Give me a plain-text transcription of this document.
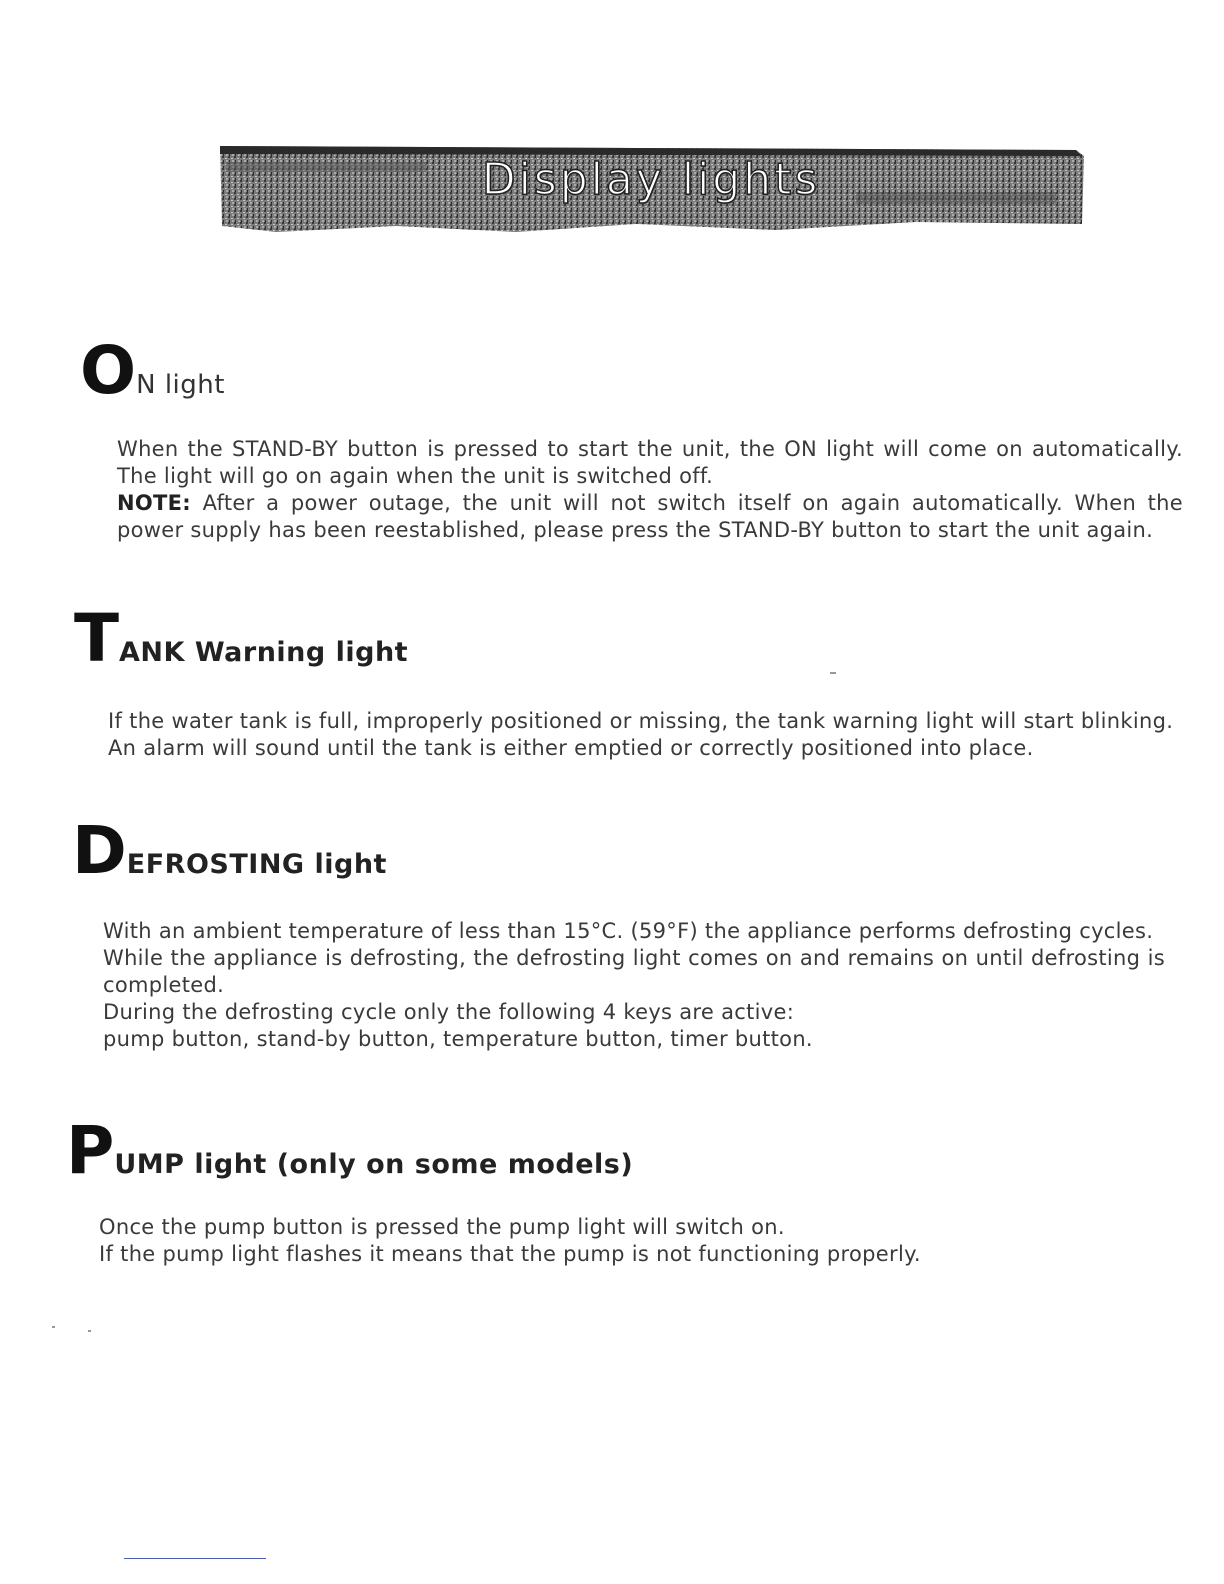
Display lights
ON light
When the STAND-BY button is pressed to start the unit, the ON light will come on automatically. The light will go on again when the unit is switched off.
NOTE: After a power outage, the unit will not switch itself on again automatically. When the power supply has been reestablished, please press the STAND-BY button to start the unit again.
TANK Warning light
If the water tank is full, improperly positioned or missing, the tank warning light will start blinking.
An alarm will sound until the tank is either emptied or correctly positioned into place.
DEFROSTING light
With an ambient temperature of less than 15°C. (59°F) the appliance performs defrosting cycles.
While the appliance is defrosting, the defrosting light comes on and remains on until defrosting is completed.
During the defrosting cycle only the following 4 keys are active:
pump button, stand-by button, temperature button, timer button.
PUMP light (only on some models)
Once the pump button is pressed the pump light will switch on.
If the pump light flashes it means that the pump is not functioning properly.
